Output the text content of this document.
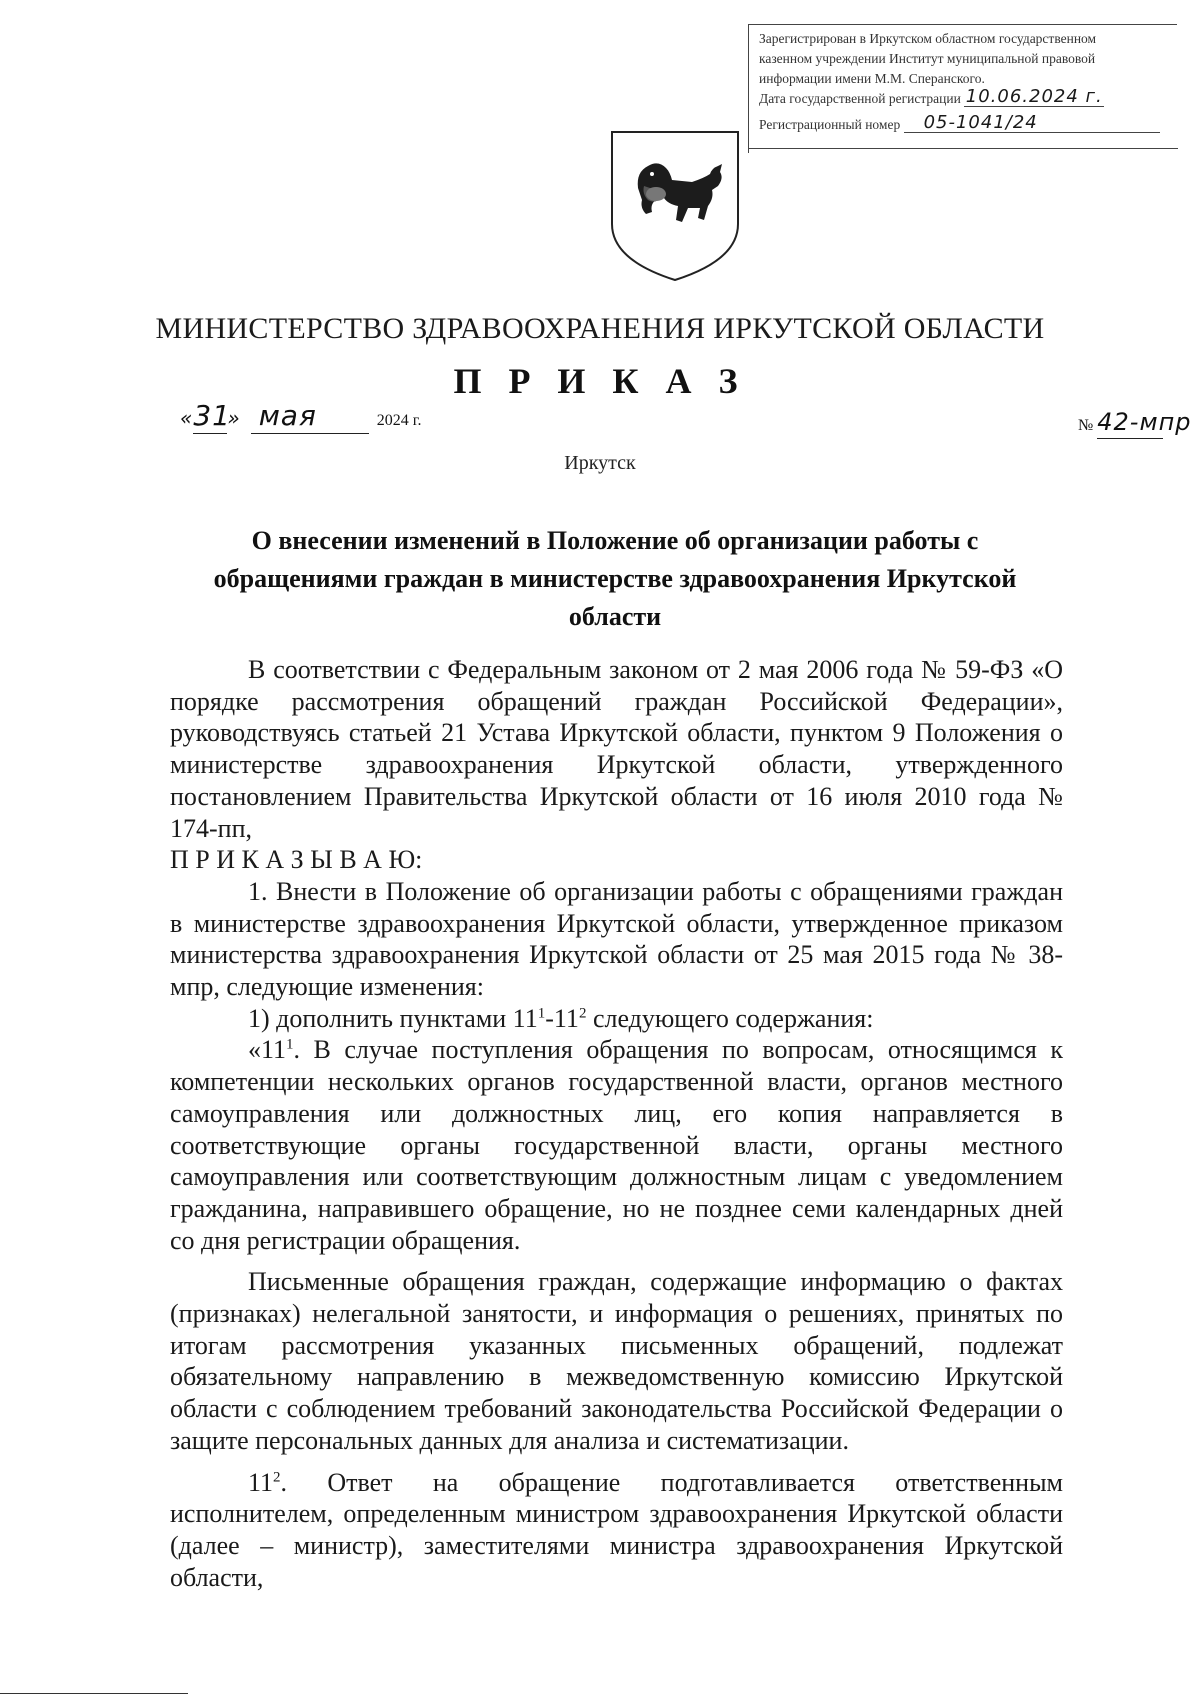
Зарегистрирован в Иркутском областном государственном
казенном учреждении Институт муниципальной правовой
информации имени М.М. Сперанского.
Дата государственной регистрации 10.06.2024 г.
Регистрационный номер 05-1041/24
МИНИСТЕРСТВО ЗДРАВООХРАНЕНИЯ ИРКУТСКОЙ ОБЛАСТИ
П Р И К А З
«31» мая	2024 г.	№ 42-мпр
Иркутск
О внесении изменений в Положение об организации работы с
обращениями граждан в министерстве здравоохранения Иркутской
области

В соответствии с Федеральным законом от 2 мая 2006 года № 59-ФЗ «О порядке рассмотрения обращений граждан Российской Федерации», руководствуясь статьей 21 Устава Иркутской области, пунктом 9 Положения о министерстве здравоохранения Иркутской области, утвержденного постановлением Правительства Иркутской области от 16 июля 2010 года № 174-пп,

П Р И К А З Ы В А Ю:

1. Внести в Положение об организации работы с обращениями граждан в министерстве здравоохранения Иркутской области, утвержденное приказом министерства здравоохранения Иркутской области от 25 мая 2015 года № 38-мпр, следующие изменения:

1) дополнить пунктами $11^1-11^2$ следующего содержания:

«$11^1$. В случае поступления обращения по вопросам, относящимся к компетенции нескольких органов государственной власти, органов местного самоуправления или должностных лиц, его копия направляется в соответствующие органы государственной власти, органы местного самоуправления или соответствующим должностным лицам с уведомлением гражданина, направившего обращение, но не позднее семи календарных дней со дня регистрации обращения.

Письменные обращения граждан, содержащие информацию о фактах (признаках) нелегальной занятости, и информация о решениях, принятых по итогам рассмотрения указанных письменных обращений, подлежат обязательному направлению в межведомственную комиссию Иркутской области с соблюдением требований законодательства Российской Федерации о защите персональных данных для анализа и систематизации.

$11^2$. Ответ на обращение подготавливается ответственным исполнителем, определенным министром здравоохранения Иркутской области (далее – министр), заместителями министра здравоохранения Иркутской области,
